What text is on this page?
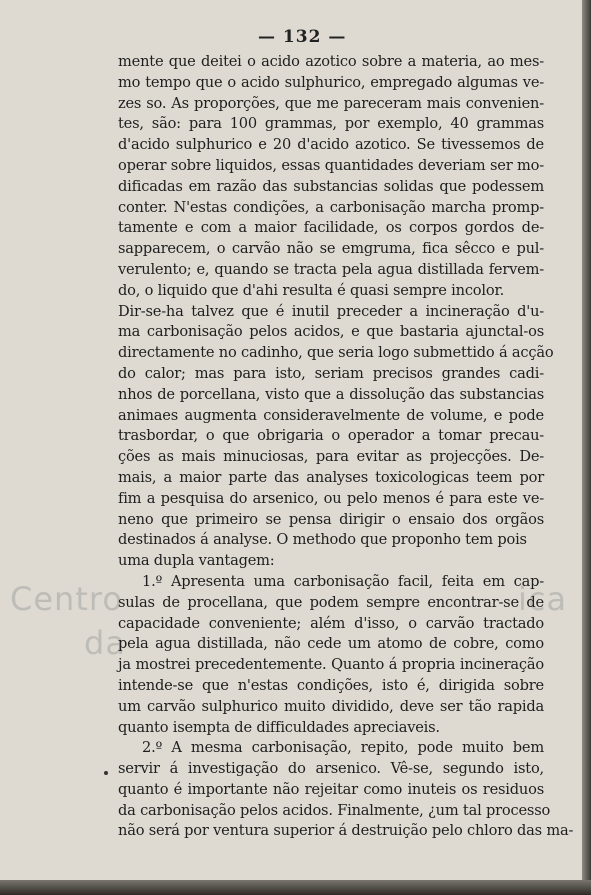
Centro	ica
da
— 132 —
mente que deitei o acido azotico sobre a materia, ao mes-
mo tempo que o acido sulphurico, empregado algumas ve-
zes so. As proporções, que me pareceram mais convenien-
tes, são: para 100 grammas, por exemplo, 40 grammas
d'acido sulphurico e 20 d'acido azotico. Se tivessemos de
operar sobre liquidos, essas quantidades deveriam ser mo-
dificadas em razão das substancias solidas que podessem
conter. N'estas condições, a carbonisação marcha promp-
tamente e com a maior facilidade, os corpos gordos de-
sapparecem, o carvão não se emgruma, fica sêcco e pul-
verulento; e, quando se tracta pela agua distillada fervem-
do, o liquido que d'ahi resulta é quasi sempre incolor.
Dir-se-ha talvez que é inutil preceder a incineração d'u-
ma carbonisação pelos acidos, e que bastaria ajunctal-os
directamente no cadinho, que seria logo submettido á acção
do calor; mas para isto, seriam precisos grandes cadi-
nhos de porcellana, visto que a dissolução das substancias
animaes augmenta consideravelmente de volume, e pode
trasbordar, o que obrigaria o operador a tomar precau-
ções as mais minuciosas, para evitar as projecções. De-
mais, a maior parte das analyses toxicologicas teem por
fim a pesquisa do arsenico, ou pelo menos é para este ve-
neno que primeiro se pensa dirigir o ensaio dos orgãos
destinados á analyse. O methodo que proponho tem pois
uma dupla vantagem:
1.º Apresenta uma carbonisação facil, feita em cap-
sulas de procellana, que podem sempre encontrar-se de
capacidade conveniente; além d'isso, o carvão tractado
pela agua distillada, não cede um atomo de cobre, como
ja mostrei precedentemente. Quanto á propria incineração
intende-se que n'estas condições, isto é, dirigida sobre
um carvão sulphurico muito dividido, deve ser tão rapida
quanto isempta de difficuldades apreciaveis.
2.º A mesma carbonisação, repito, pode muito bem
servir á investigação do arsenico. Vê-se, segundo isto,
quanto é importante não rejeitar como inuteis os residuos
da carbonisação pelos acidos. Finalmente, ¿um tal processo
não será por ventura superior á destruição pelo chloro das ma-
